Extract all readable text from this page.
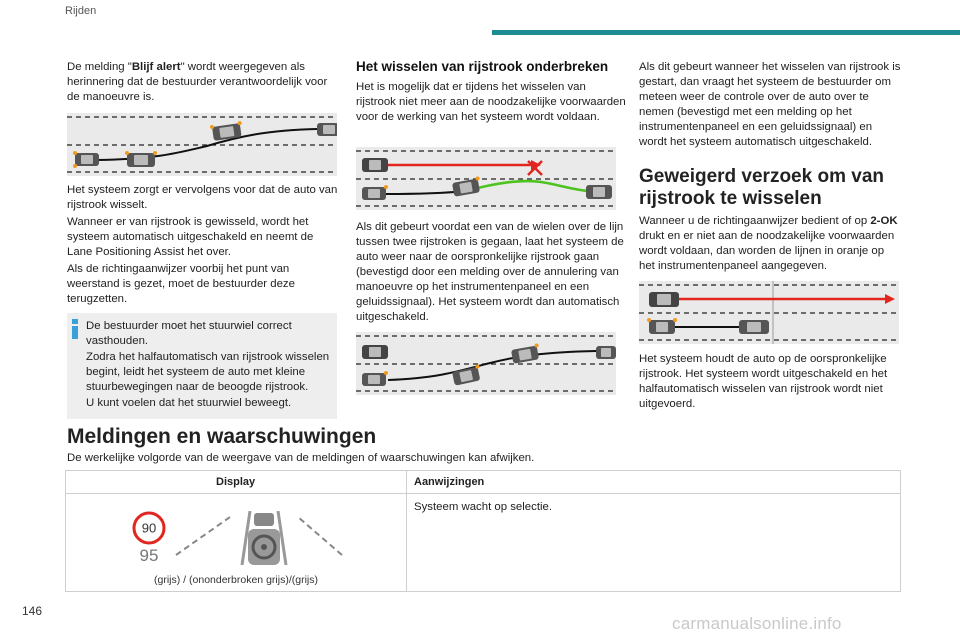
Rijden

De melding "Blijf alert" wordt weergegeven als herinnering dat de bestuurder verantwoordelijk voor de manoeuvre is.

Het systeem zorgt er vervolgens voor dat de auto van rijstrook wisselt.

Wanneer er van rijstrook is gewisseld, wordt het systeem automatisch uitgeschakeld en neemt de Lane Positioning Assist het over.

Als de richtingaanwijzer voorbij het punt van weerstand is gezet, moet de bestuurder deze terugzetten.

De bestuurder moet het stuurwiel correct vasthouden.

Zodra het halfautomatisch van rijstrook wisselen begint, leidt het systeem de auto met kleine stuurbewegingen naar de beoogde rijstrook.

U kunt voelen dat het stuurwiel beweegt.

Het wisselen van rijstrook onderbreken

Het is mogelijk dat er tijdens het wisselen van rijstrook niet meer aan de noodzakelijke voorwaarden voor de werking van het systeem wordt voldaan.

Als dit gebeurt voordat een van de wielen over de lijn tussen twee rijstroken is gegaan, laat het systeem de auto weer naar de oorspronkelijke rijstrook gaan (bevestigd door een melding over de annulering van manoeuvre op het instrumentenpaneel en een geluidssignaal). Het systeem wordt dan automatisch uitgeschakeld.

Als dit gebeurt wanneer het wisselen van rijstrook is gestart, dan vraagt het systeem de bestuurder om meteen weer de controle over de auto over te nemen (bevestigd met een melding op het instrumentenpaneel en een geluidssignaal) en wordt het systeem automatisch uitgeschakeld.

Geweigerd verzoek om van rijstrook te wisselen

Wanneer u de richtingaanwijzer bedient of op 2-OK drukt en er niet aan de noodzakelijke voorwaarden wordt voldaan, dan worden de lijnen in oranje op het instrumentenpaneel aangegeven.

Het systeem houdt de auto op de oorspronkelijke rijstrook. Het systeem wordt uitgeschakeld en het halfautomatisch wisselen van rijstrook wordt niet uitgevoerd.

Meldingen en waarschuwingen

De werkelijke volgorde van de weergave van de meldingen of waarschuwingen kan afwijken.

Display	Aanwijzingen
90
95
(grijs) / (ononderbroken grijs)/(grijs)
Systeem wacht op selectie.
146
carmanualsonline.info
